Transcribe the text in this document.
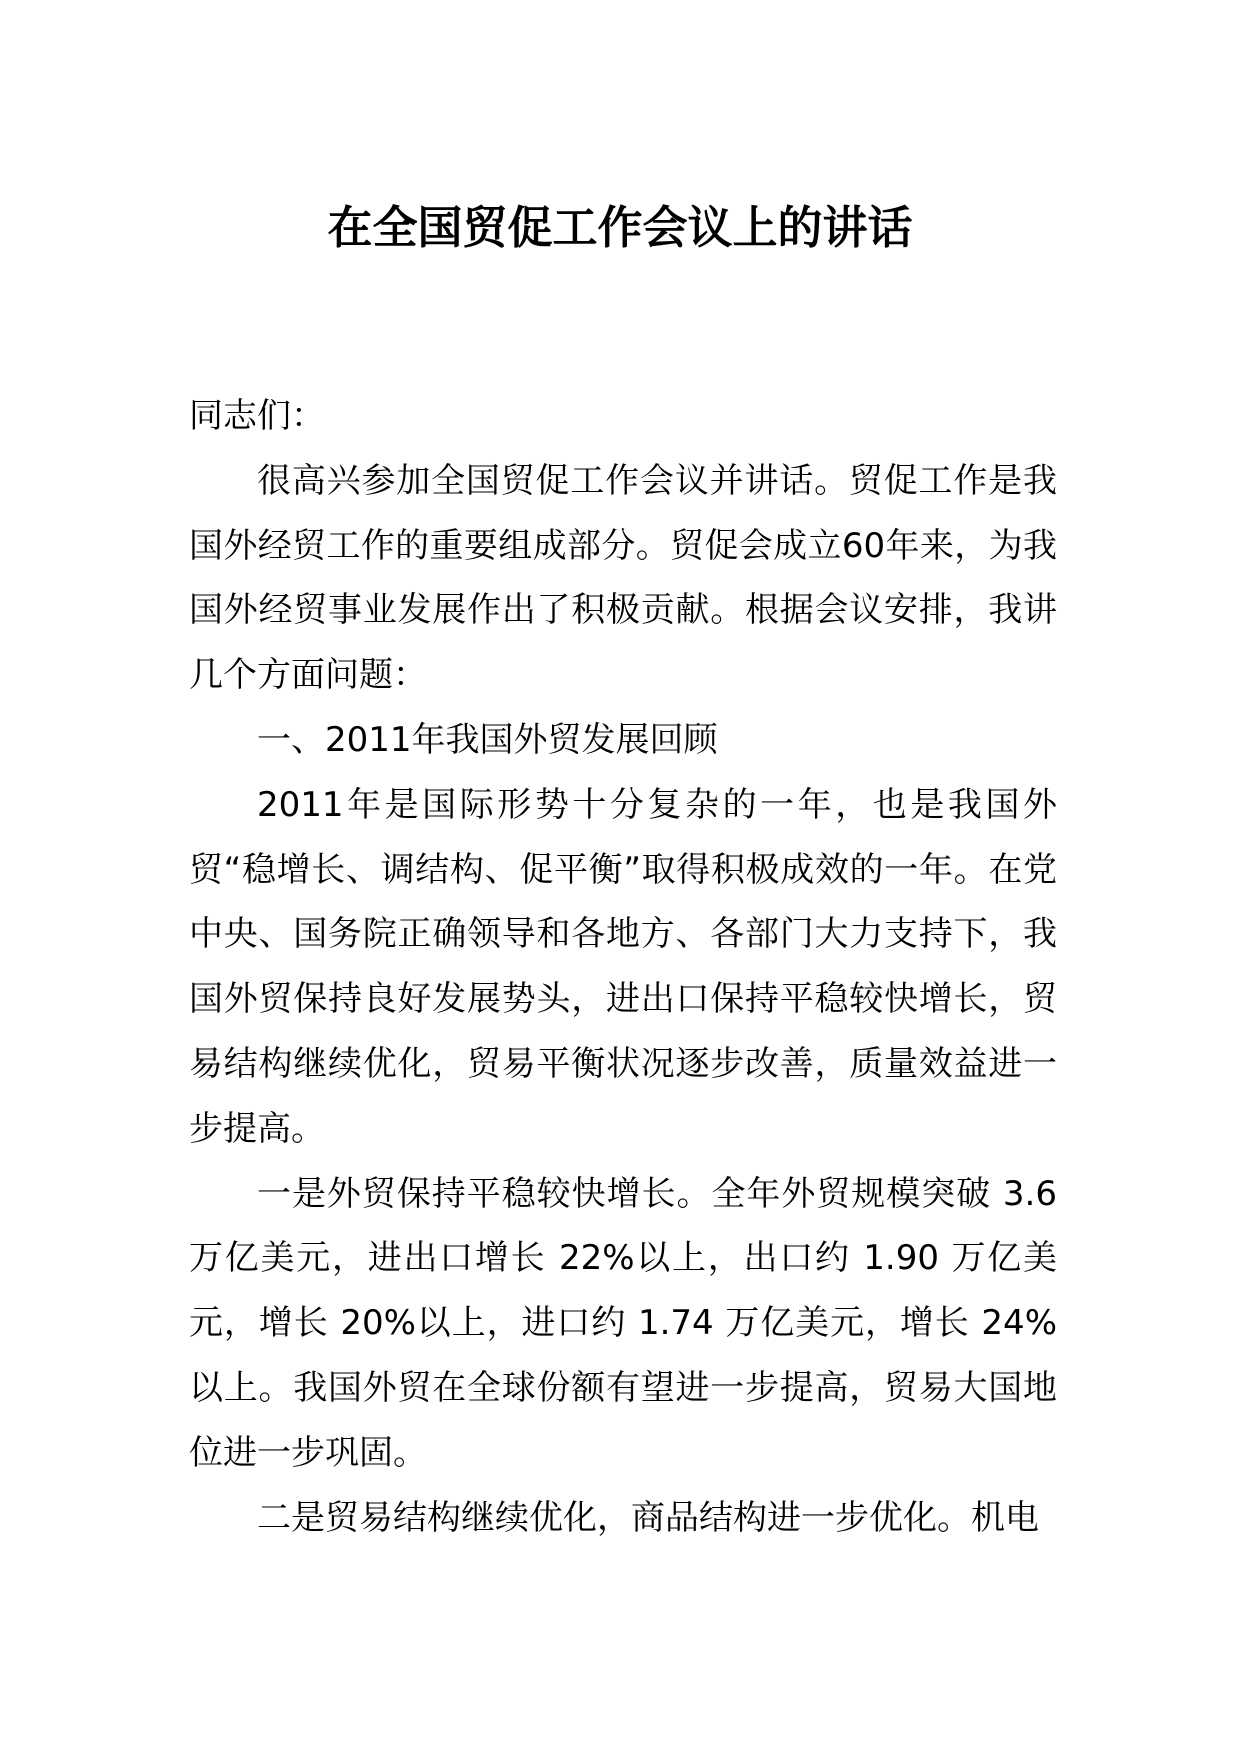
在全国贸促工作会议上的讲话

同志们：

很高兴参加全国贸促工作会议并讲话。贸促工作是我国外经贸工作的重要组成部分。贸促会成立60年来，为我国外经贸事业发展作出了积极贡献。根据会议安排，我讲几个方面问题：

一、2011年我国外贸发展回顾

2011年是国际形势十分复杂的一年，也是我国外贸“稳增长、调结构、促平衡”取得积极成效的一年。在党中央、国务院正确领导和各地方、各部门大力支持下，我国外贸保持良好发展势头，进出口保持平稳较快增长，贸易结构继续优化，贸易平衡状况逐步改善，质量效益进一步提高。

一是外贸保持平稳较快增长。全年外贸规模突破 3.6 万亿美元，进出口增长 22%以上，出口约 1.90 万亿美元，增长 20%以上，进口约 1.74 万亿美元，增长 24%以上。我国外贸在全球份额有望进一步提高，贸易大国地位进一步巩固。

二是贸易结构继续优化，商品结构进一步优化。机电
